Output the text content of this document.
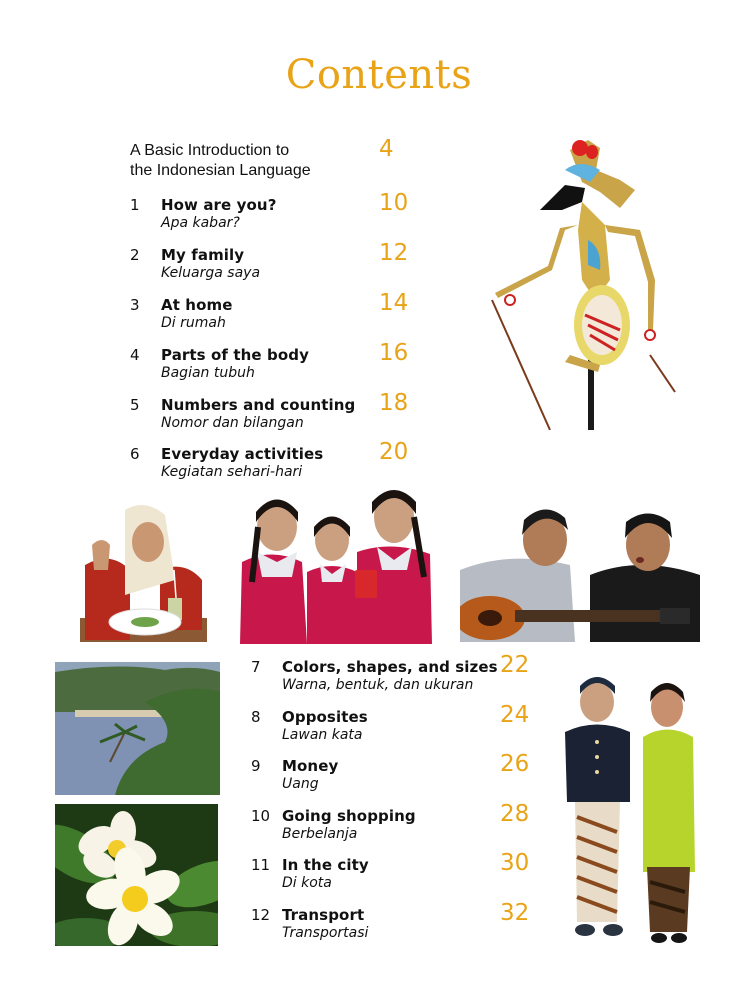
Contents
A Basic Introduction to
the Indonesian Language
4
1 How are you?
Apa kabar?
10
2 My family
Keluarga saya
12
3 At home
Di rumah
14
4 Parts of the body
Bagian tubuh
16
5 Numbers and counting
Nomor dan bilangan
18
6 Everyday activities
Kegiatan sehari-hari
20
7 Colors, shapes, and sizes
Warna, bentuk, dan ukuran
22
8 Opposites
Lawan kata
24
9 Money
Uang
26
10 Going shopping
Berbelanja
28
11 In the city
Di kota
30
12 Transport
Transportasi
32
